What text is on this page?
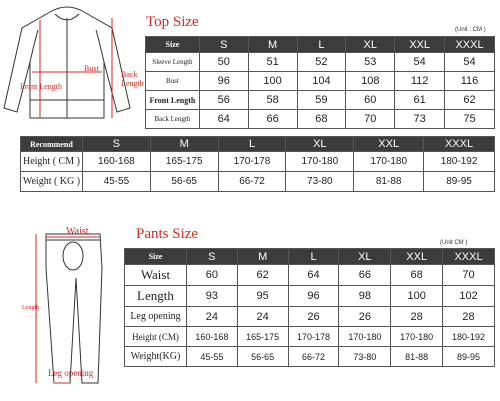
Bust
Back
Length
Front Length
Top Size	(Unit : CM )
Size	S	M	L	XL	XXL	XXXL
Sleeve Length	50	51	52	53	54	54
Bust	96	100	104	108	112	116
Front Length	56	58	59	60	61	62
Back Length	64	66	68	70	73	75
Recommend	S	M	L	XL	XXL	XXXL
Height ( CM )	160-168	165-175	170-178	170-180	170-180	180-192
Weight ( KG )	45-55	56-65	66-72	73-80	81-88	89-95
Waist
Length
Leg opening
Pants Size
(Unit CM )
Size	S	M	L	XL	XXL	XXXL
Waist	60	62	64	66	68	70
Length	93	95	96	98	100	102
Leg opening	24	24	26	26	28	28
Height (CM)	160-168	165-175	170-178	170-180	170-180	180-192
Weight(KG)	45-55	56-65	66-72	73-80	81-88	89-95
